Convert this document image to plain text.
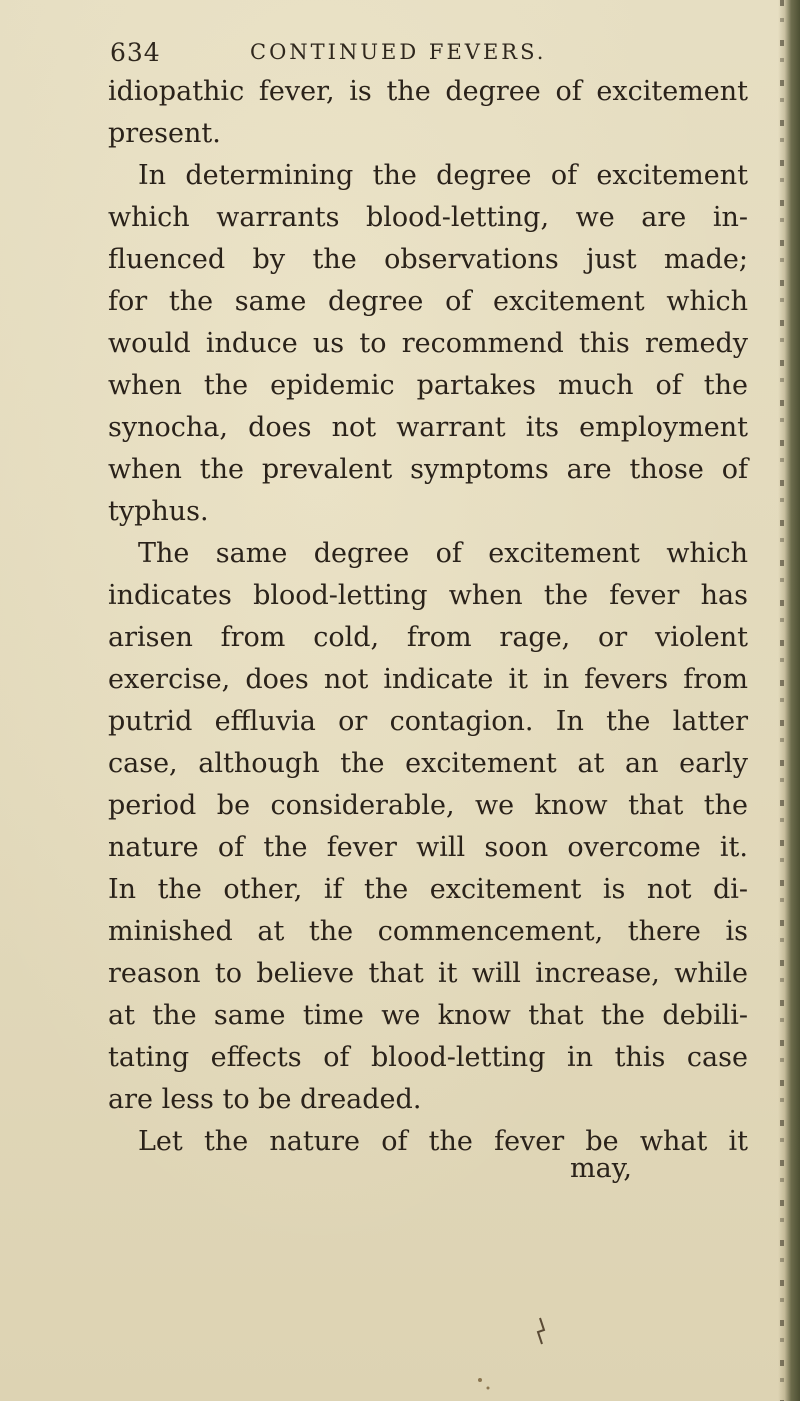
634	CONTINUED FEVERS.
idiopathic fever, is the degree of excitement
present.
In determining the degree of excitement
which warrants blood-letting, we are in-
fluenced by the observations just made;
for the same degree of excitement which
would induce us to recommend this remedy
when the epidemic partakes much of the
synocha, does not warrant its employment
when the prevalent symptoms are those of
typhus.
The same degree of excitement which
indicates blood-letting when the fever has
arisen from cold, from rage, or violent
exercise, does not indicate it in fevers from
putrid effluvia or contagion. In the latter
case, although the excitement at an early
period be considerable, we know that the
nature of the fever will soon overcome it.
In the other, if the excitement is not di-
minished at the commencement, there is
reason to believe that it will increase, while
at the same time we know that the debili-
tating effects of blood-letting in this case
are less to be dreaded.
Let the nature of the fever be what it
may,
